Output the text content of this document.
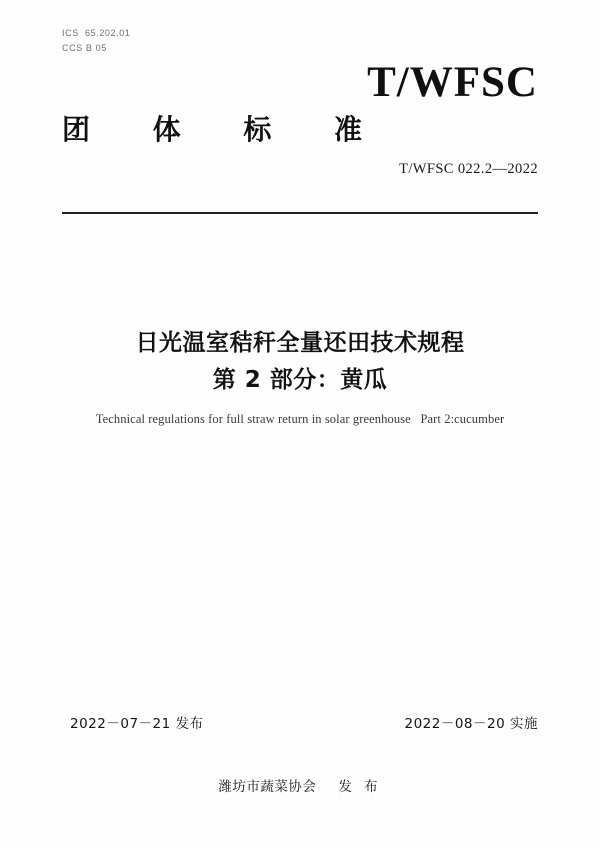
ICS  65.202.01
CCS B 05
T/WFSC
团 体 标 准
T/WFSC 022.2—2022
日光温室秸秆全量还田技术规程
第 2 部分：黄瓜
Technical regulations for full straw return in solar greenhouse   Part 2:cucumber
2022－07－21 发布	2022－08－20 实施
潍坊市蔬菜协会 发 布
